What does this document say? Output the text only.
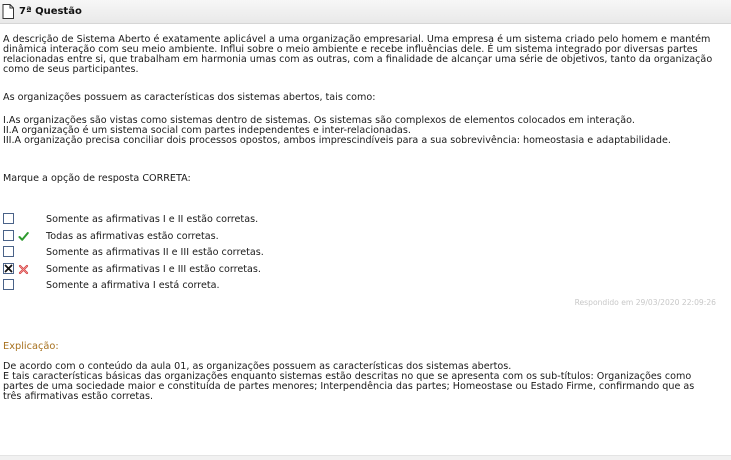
7ª Questão
A descrição de Sistema Aberto é exatamente aplicável a uma organização empresarial. Uma empresa é um sistema criado pelo homem e mantém dinâmica interação com seu meio ambiente. Influi sobre o meio ambiente e recebe influências dele. É um sistema integrado por diversas partes relacionadas entre si, que trabalham em harmonia umas com as outras, com a finalidade de alcançar uma série de objetivos, tanto da organização como de seus participantes.
As organizações possuem as características dos sistemas abertos, tais como:
I.As organizações são vistas como sistemas dentro de sistemas. Os sistemas são complexos de elementos colocados em interação.
II.A organização é um sistema social com partes independentes e inter-relacionadas.
III.A organização precisa conciliar dois processos opostos, ambos imprescindíveis para a sua sobrevivência: homeostasia e adaptabilidade.
Marque a opção de resposta CORRETA:
Somente as afirmativas I e II estão corretas.
Todas as afirmativas estão corretas.
Somente as afirmativas II e III estão corretas.
Somente as afirmativas I e III estão corretas.
Somente a afirmativa I está correta.
Respondido em 29/03/2020 22:09:26
Explicação:
De acordo com o conteúdo da aula 01, as organizações possuem as características dos sistemas abertos.
E tais características básicas das organizações enquanto sistemas estão descritas no que se apresenta com os sub-títulos: Organizações como partes de uma sociedade maior e constituída de partes menores; Interpendência das partes; Homeostase ou Estado Firme, confirmando que as três afirmativas estão corretas.
